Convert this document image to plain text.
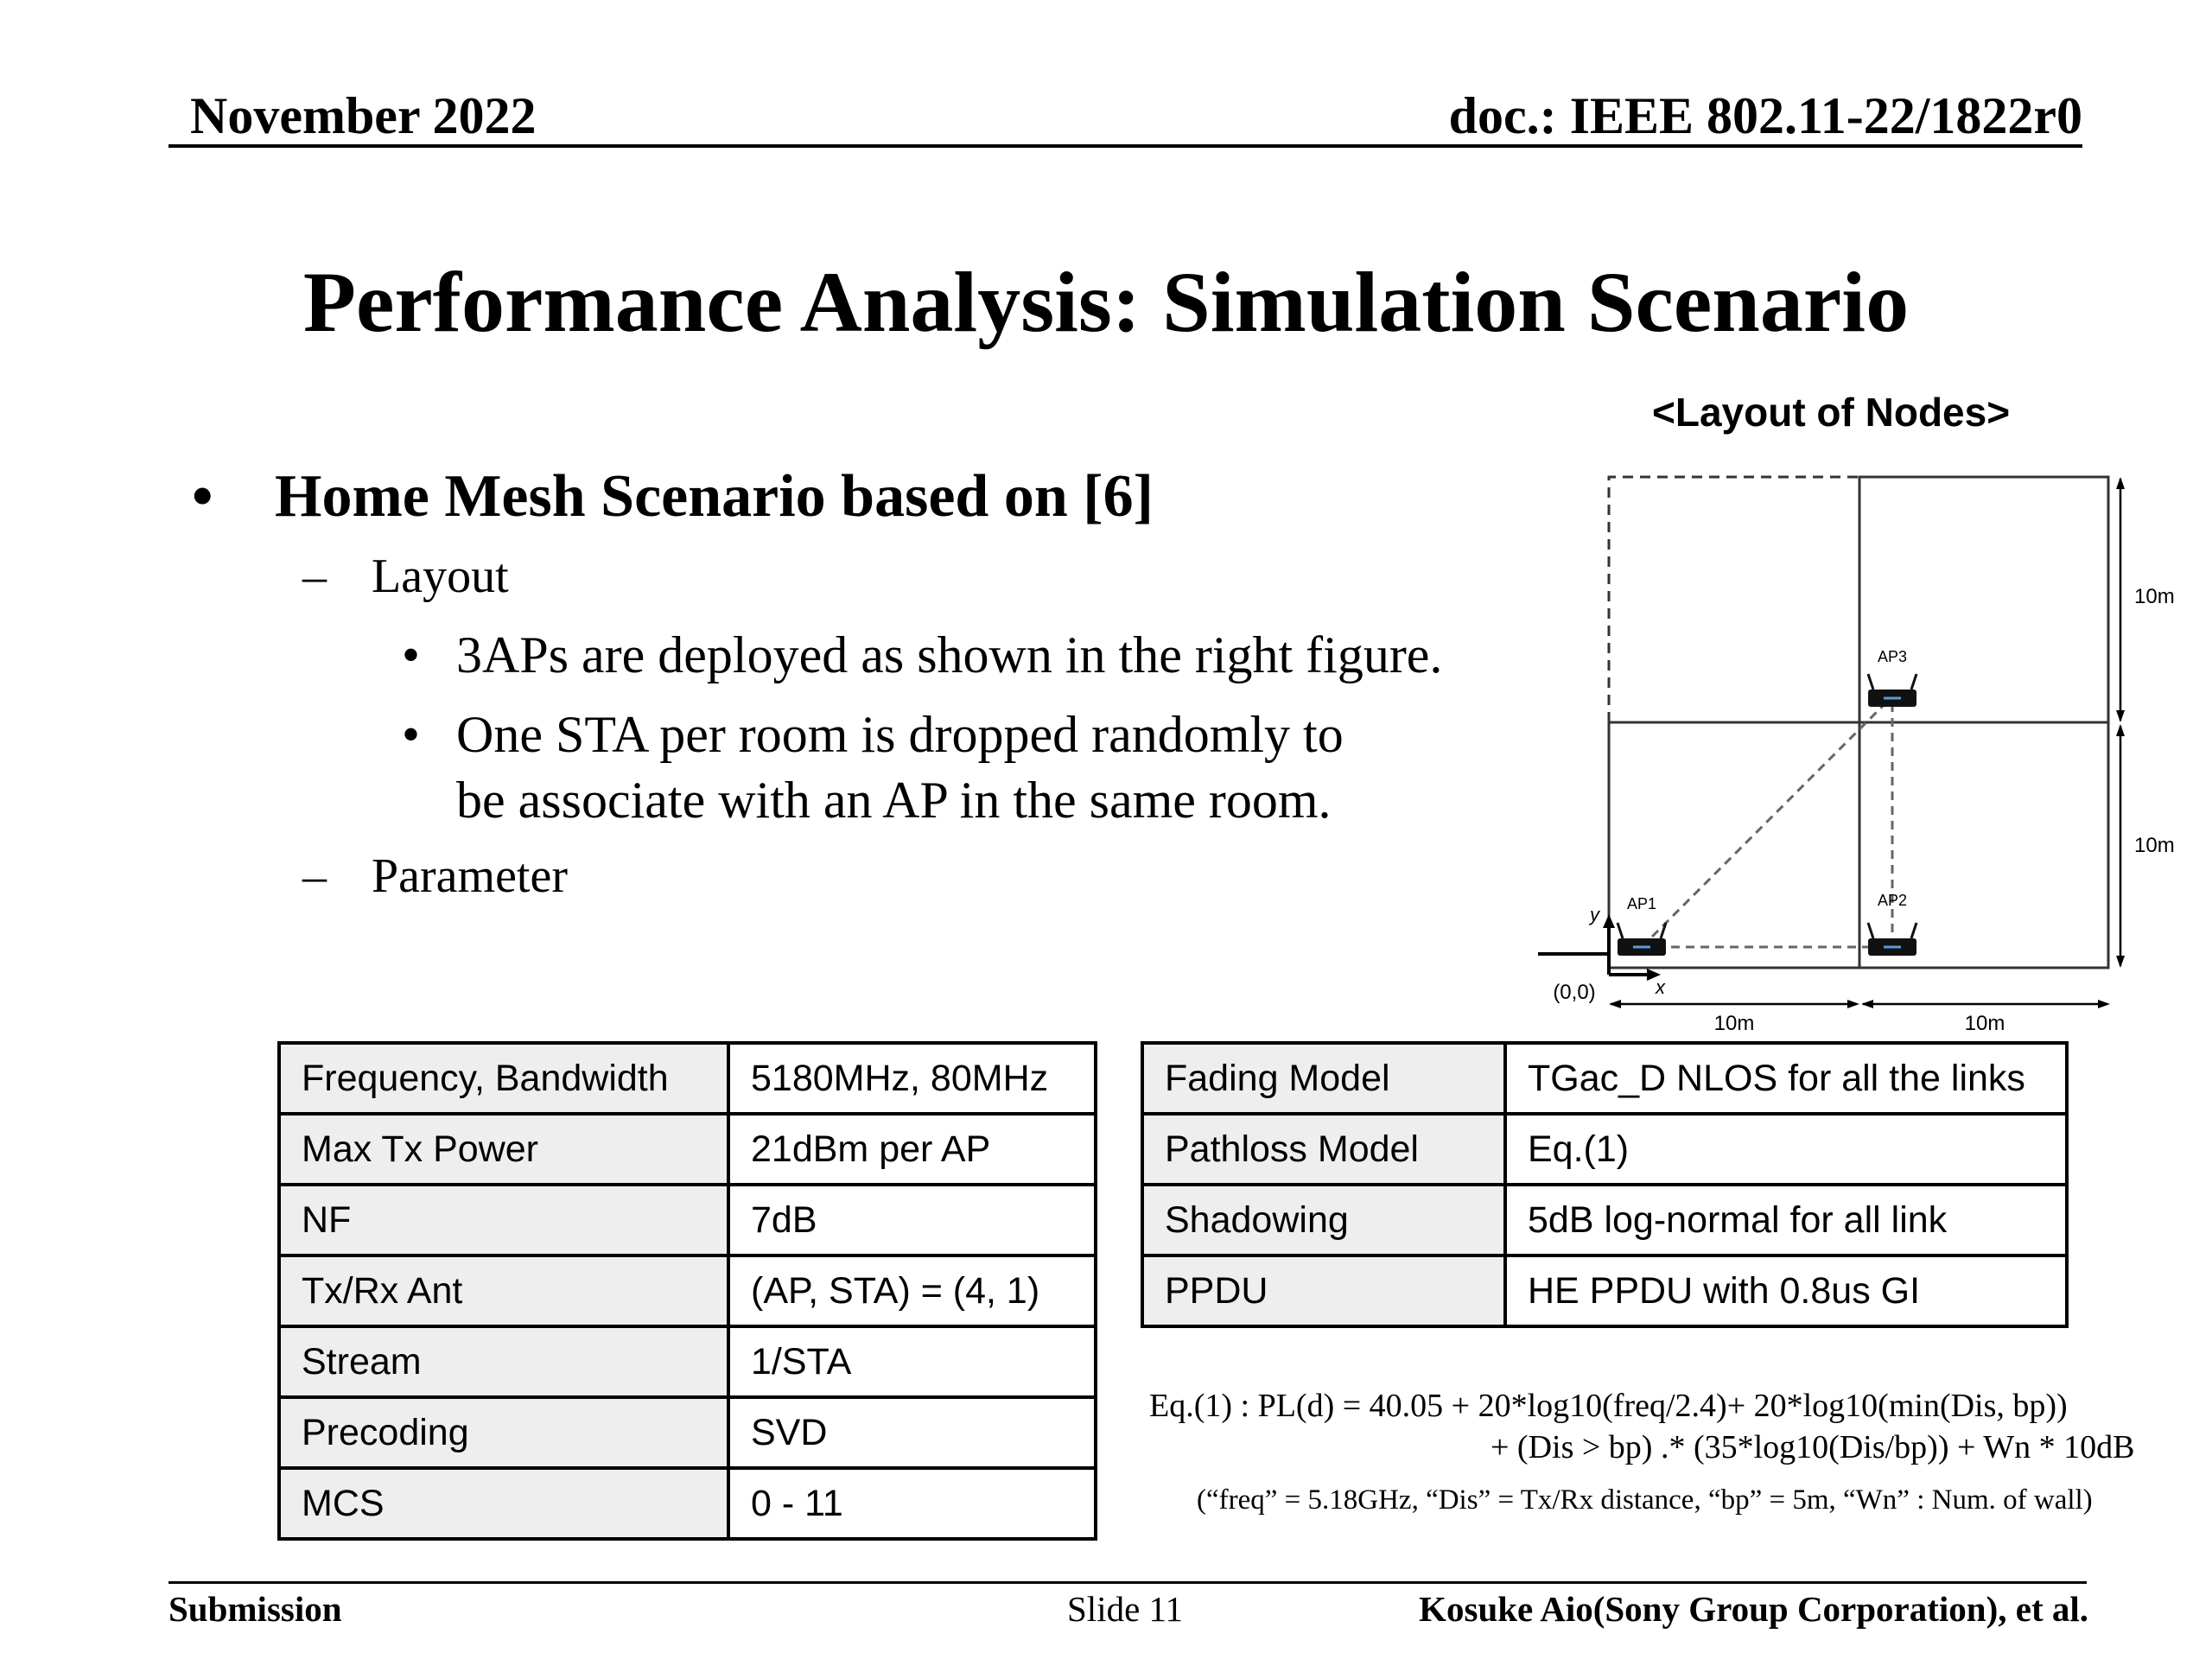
November 2022	doc.: IEEE 802.11-22/1822r0
Performance Analysis: Simulation Scenario
• Home Mesh Scenario based on [6]
– Layout
• 3APs are deployed as shown in the right figure.
• One STA per room is dropped randomly to
be associate with an AP in the same room.
– Parameter
<Layout of Nodes>
AP1	AP2
AP3
y
x
(0,0)
10m
10m
10m	10m
Frequency, Bandwidth	5180MHz, 80MHz
Max Tx Power	21dBm per AP
NF	7dB
Tx/Rx Ant	(AP, STA) = (4, 1)
Stream	1/STA
Precoding	SVD
MCS	0 - 11
Fading Model	TGac_D NLOS for all the links
Pathloss Model	Eq.(1)
Shadowing	5dB log-normal for all link
PPDU	HE PPDU with 0.8us GI
Eq.(1) : PL(d) = 40.05 + 20*log10(freq/2.4)+ 20*log10(min(Dis, bp))
+ (Dis > bp) .* (35*log10(Dis/bp)) + Wn * 10dB
(“freq” = 5.18GHz, “Dis” = Tx/Rx distance, “bp” = 5m, “Wn” : Num. of wall)
Submission	Slide 11	Kosuke Aio(Sony Group Corporation), et al.
